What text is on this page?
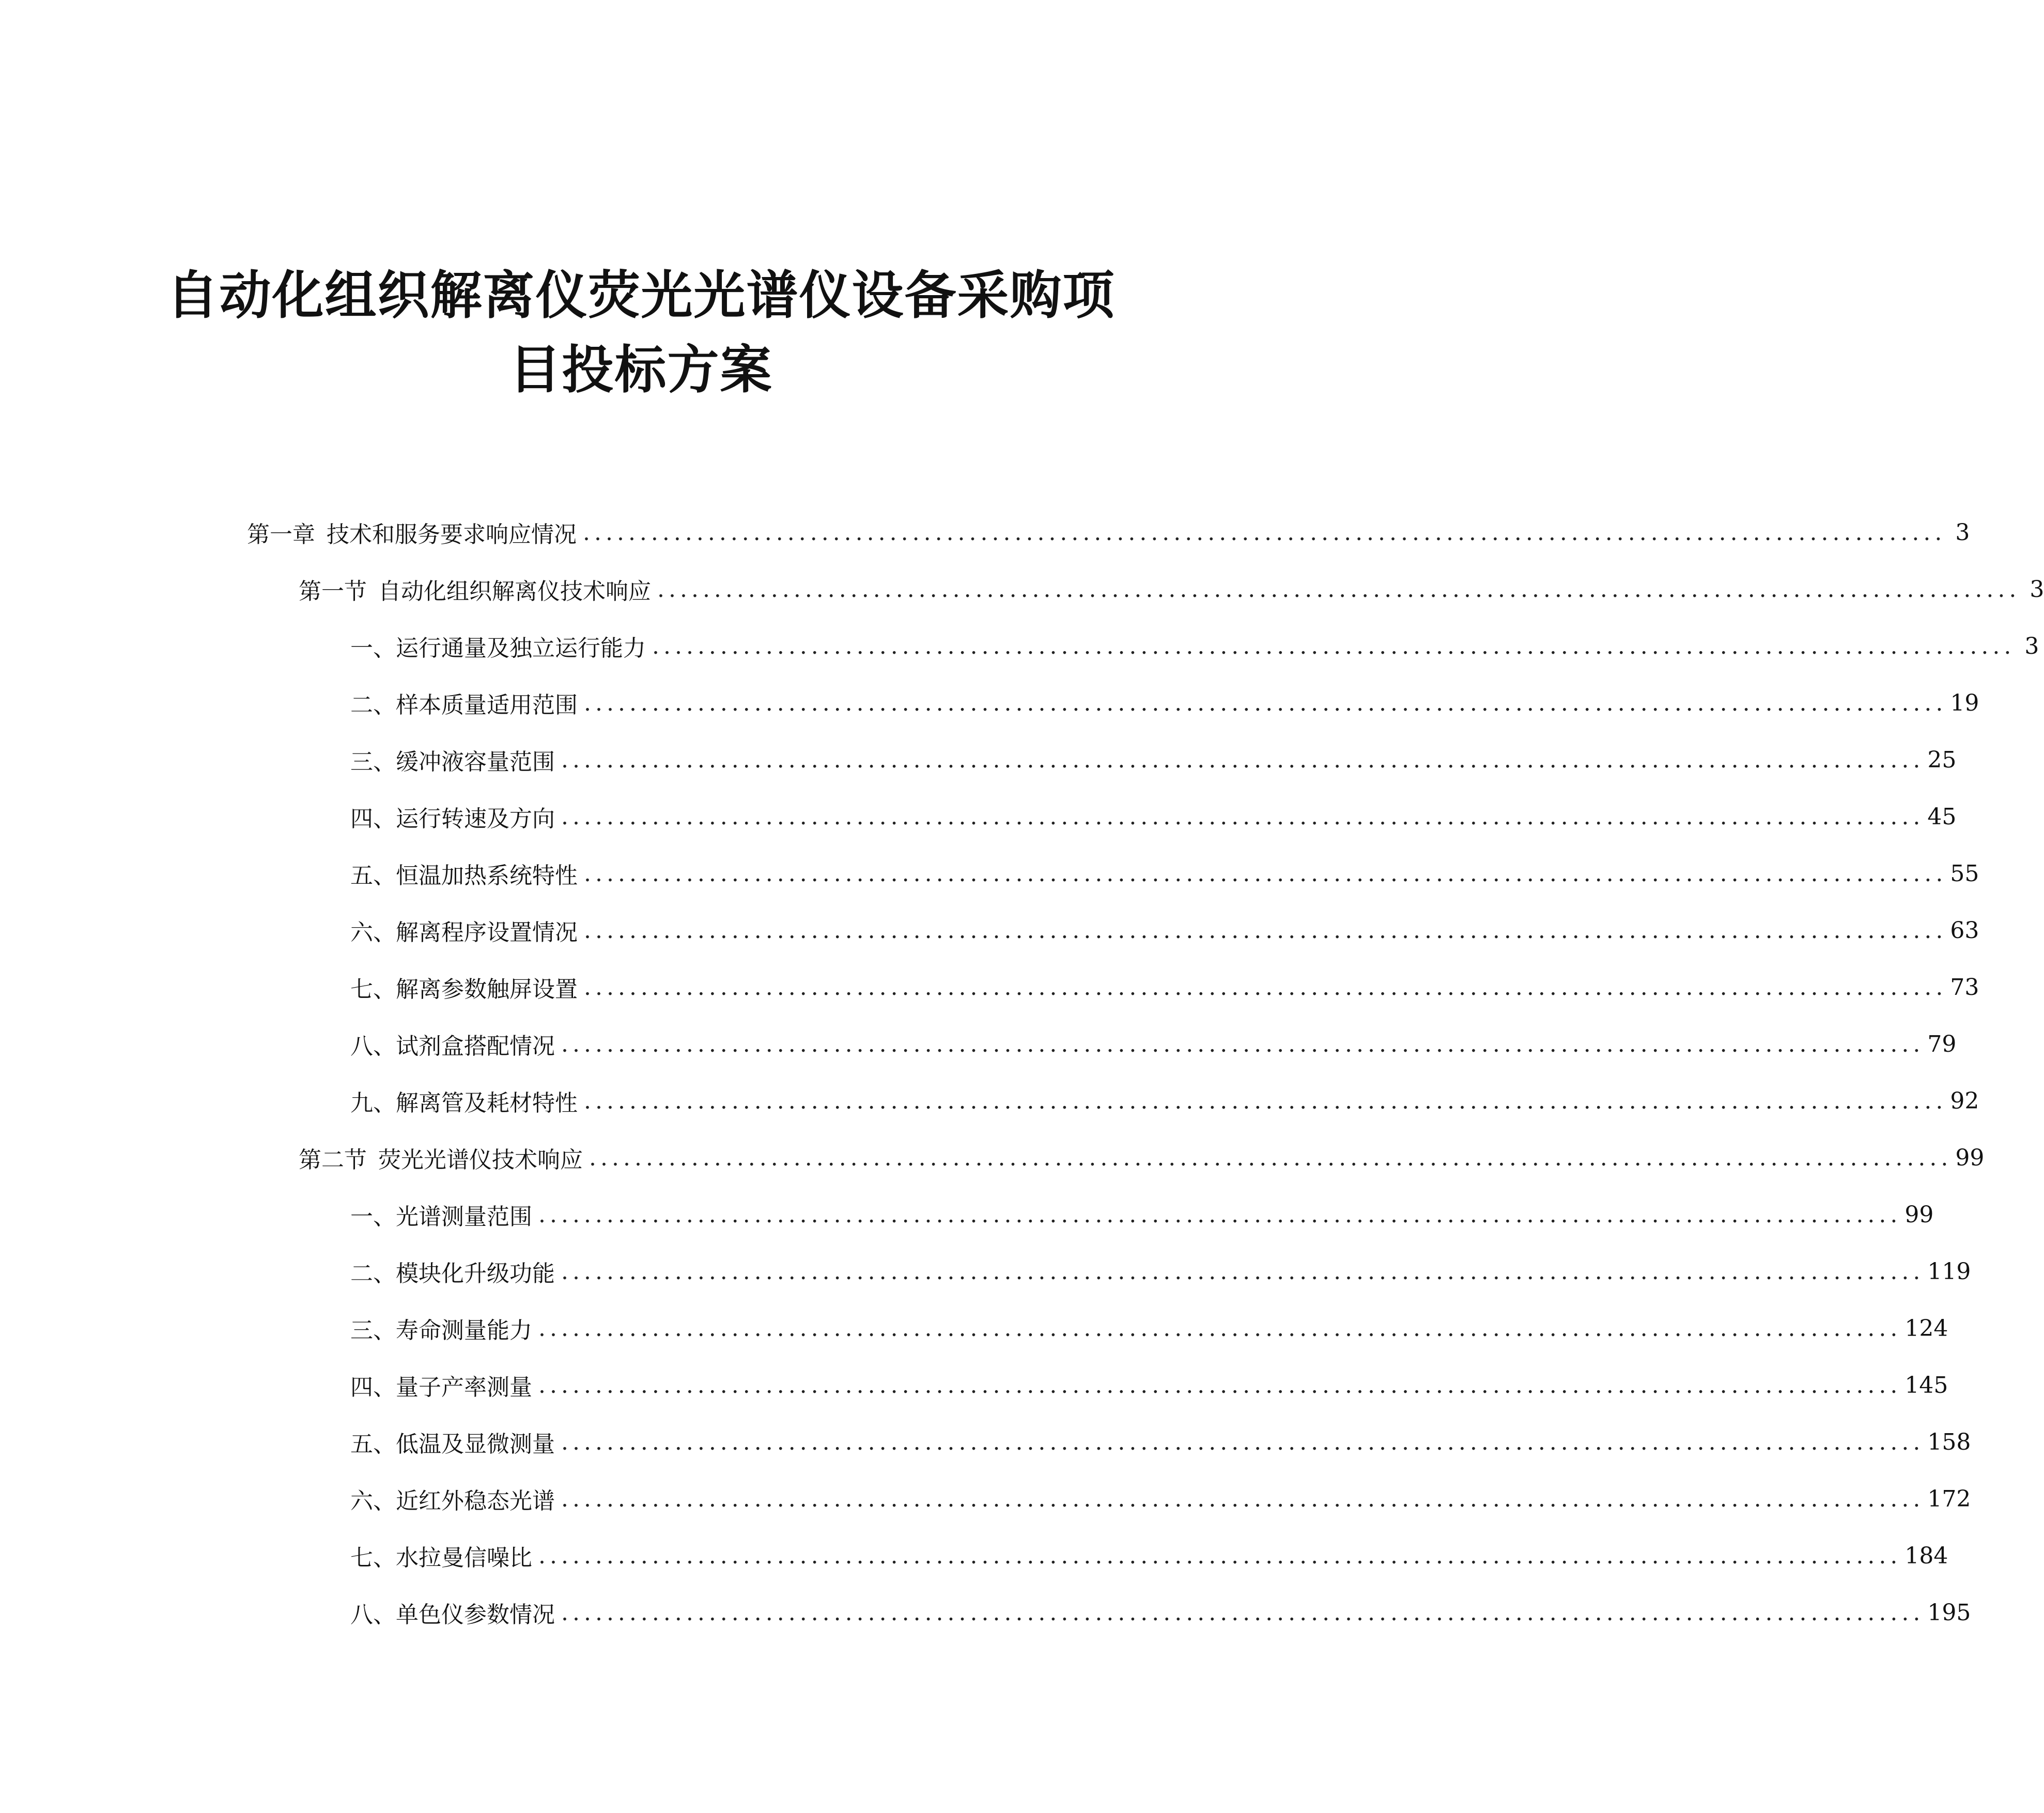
自动化组织解离仪荧光光谱仪设备采购项
目投标方案
第一章 技术和服务要求响应情况 ........................................................................................................................ 3
第一节 自动化组织解离仪技术响应 ........................................................................................................................ 3
一、 运行通量及独立运行能力 ........................................................................................................................ 3
二、 样本质量适用范围 ........................................................................................................................ 19
三、 缓冲液容量范围 ........................................................................................................................ 25
四、 运行转速及方向 ........................................................................................................................ 45
五、 恒温加热系统特性 ........................................................................................................................ 55
六、 解离程序设置情况 ........................................................................................................................ 63
七、 解离参数触屏设置 ........................................................................................................................ 73
八、 试剂盒搭配情况 ........................................................................................................................ 79
九、 解离管及耗材特性 ........................................................................................................................ 92
第二节 荧光光谱仪技术响应 ........................................................................................................................ 99
一、 光谱测量范围 ........................................................................................................................ 99
二、 模块化升级功能 ........................................................................................................................ 119
三、 寿命测量能力 ........................................................................................................................ 124
四、 量子产率测量 ........................................................................................................................ 145
五、 低温及显微测量 ........................................................................................................................ 158
六、 近红外稳态光谱 ........................................................................................................................ 172
七、 水拉曼信噪比 ........................................................................................................................ 184
八、 单色仪参数情况 ........................................................................................................................ 195
